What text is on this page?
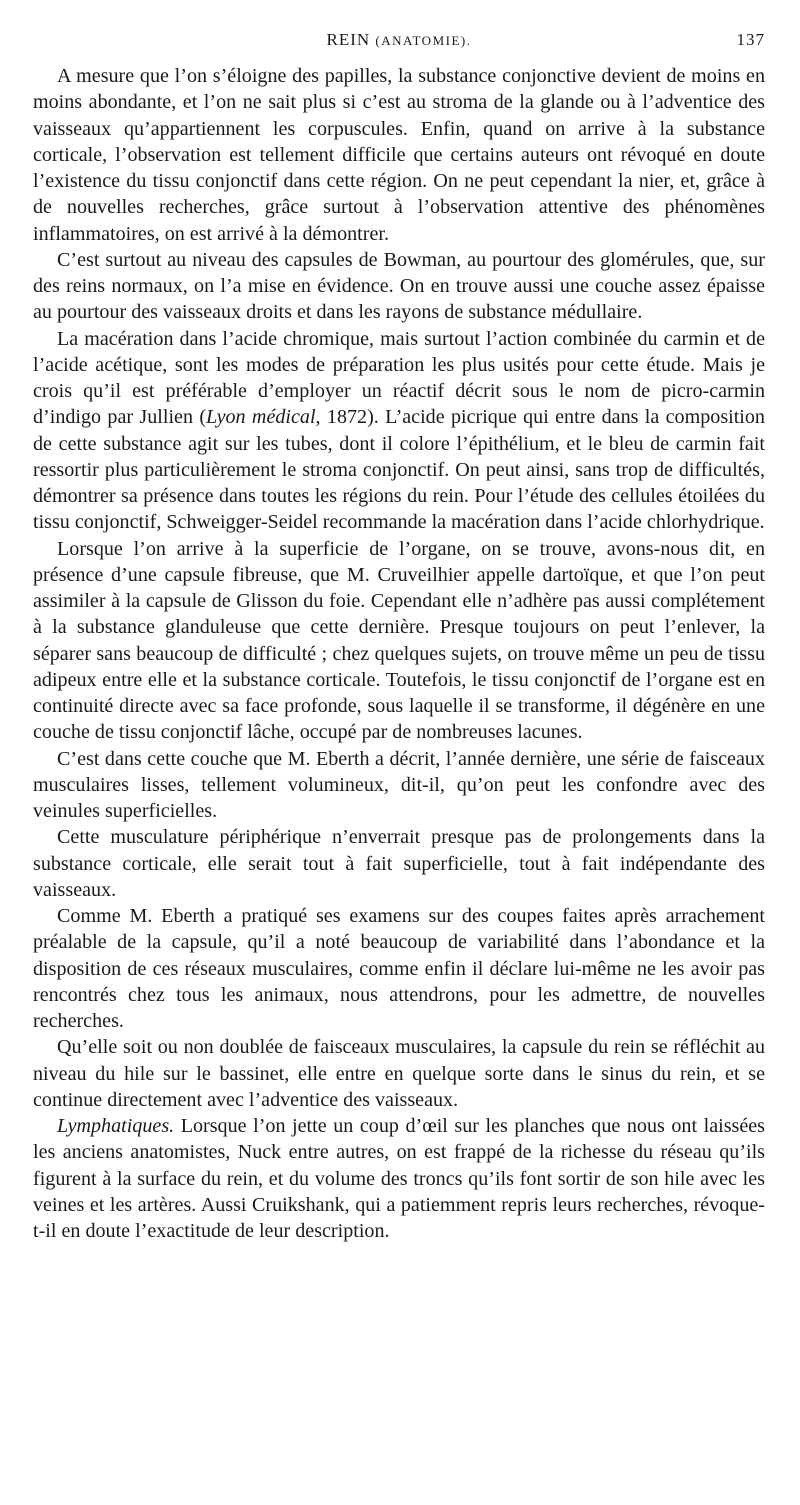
REIN (ANATOMIE).	137

A mesure que l’on s’éloigne des papilles, la substance conjonctive devient de moins en moins abondante, et l’on ne sait plus si c’est au stroma de la glande ou à l’adventice des vaisseaux qu’appartiennent les corpuscules. Enfin, quand on arrive à la substance corticale, l’observation est tellement difficile que certains auteurs ont révoqué en doute l’existence du tissu conjonctif dans cette région. On ne peut cependant la nier, et, grâce à de nouvelles recherches, grâce surtout à l’observation attentive des phénomènes inflammatoires, on est arrivé à la démontrer.

C’est surtout au niveau des capsules de Bowman, au pourtour des glomérules, que, sur des reins normaux, on l’a mise en évidence. On en trouve aussi une couche assez épaisse au pourtour des vaisseaux droits et dans les rayons de substance médullaire.

La macération dans l’acide chromique, mais surtout l’action combinée du carmin et de l’acide acétique, sont les modes de préparation les plus usités pour cette étude. Mais je crois qu’il est préférable d’employer un réactif décrit sous le nom de picro-carmin d’indigo par Jullien (Lyon médical, 1872). L’acide picrique qui entre dans la composition de cette substance agit sur les tubes, dont il colore l’épithélium, et le bleu de carmin fait ressortir plus particulièrement le stroma conjonctif. On peut ainsi, sans trop de difficultés, démontrer sa présence dans toutes les régions du rein. Pour l’étude des cellules étoilées du tissu conjonctif, Schweigger-Seidel recommande la macération dans l’acide chlorhydrique.

Lorsque l’on arrive à la superficie de l’organe, on se trouve, avons-nous dit, en présence d’une capsule fibreuse, que M. Cruveilhier appelle dartoïque, et que l’on peut assimiler à la capsule de Glisson du foie. Cependant elle n’adhère pas aussi complétement à la substance glanduleuse que cette dernière. Presque toujours on peut l’enlever, la séparer sans beaucoup de difficulté ; chez quelques sujets, on trouve même un peu de tissu adipeux entre elle et la substance corticale. Toutefois, le tissu conjonctif de l’organe est en continuité directe avec sa face profonde, sous laquelle il se transforme, il dégénère en une couche de tissu conjonctif lâche, occupé par de nombreuses lacunes.

C’est dans cette couche que M. Eberth a décrit, l’année dernière, une série de faisceaux musculaires lisses, tellement volumineux, dit-il, qu’on peut les confondre avec des veinules superficielles.

Cette musculature périphérique n’enverrait presque pas de prolongements dans la substance corticale, elle serait tout à fait superficielle, tout à fait indépendante des vaisseaux.

Comme M. Eberth a pratiqué ses examens sur des coupes faites après arrachement préalable de la capsule, qu’il a noté beaucoup de variabilité dans l’abondance et la disposition de ces réseaux musculaires, comme enfin il déclare lui-même ne les avoir pas rencontrés chez tous les animaux, nous attendrons, pour les admettre, de nouvelles recherches.

Qu’elle soit ou non doublée de faisceaux musculaires, la capsule du rein se réfléchit au niveau du hile sur le bassinet, elle entre en quelque sorte dans le sinus du rein, et se continue directement avec l’adventice des vaisseaux.

Lymphatiques. Lorsque l’on jette un coup d’œil sur les planches que nous ont laissées les anciens anatomistes, Nuck entre autres, on est frappé de la richesse du réseau qu’ils figurent à la surface du rein, et du volume des troncs qu’ils font sortir de son hile avec les veines et les artères. Aussi Cruikshank, qui a patiemment repris leurs recherches, révoque-t-il en doute l’exactitude de leur description.
